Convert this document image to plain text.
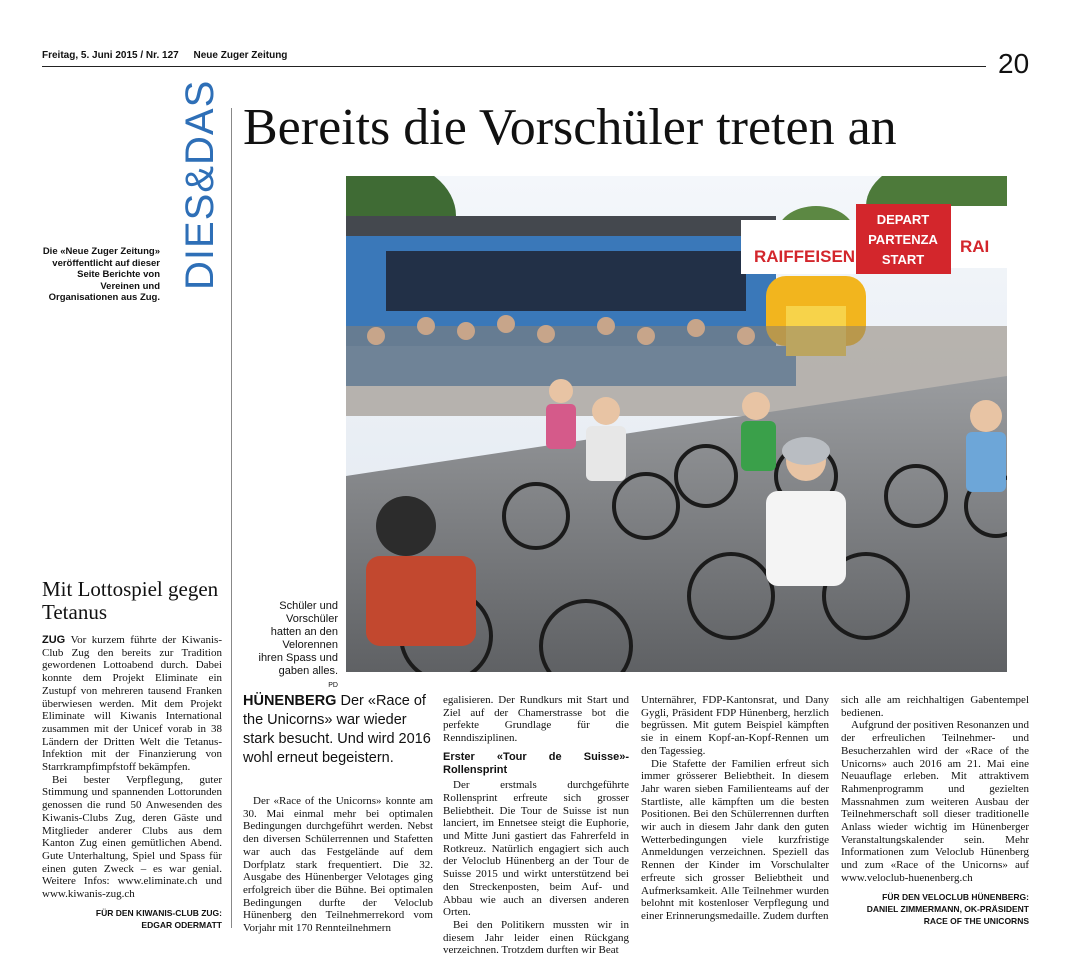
Freitag, 5. Juni 2015 / Nr. 127 Neue Zuger Zeitung	20
DIES&DAS
Die «Neue Zuger Zeitung» veröffentlicht auf dieser Seite Berichte von Vereinen und Organisationen aus Zug.
Bereits die Vorschüler treten an
RAIFFEISEN
DEPART
PARTENZA
START
RAI
Schüler und Vorschüler hatten an den Velorennen ihren Spass und gaben alles.
PD
Mit Lottospiel gegen Tetanus

ZUG Vor kurzem führte der Kiwanis-Club Zug den bereits zur Tradition gewordenen Lottoabend durch. Dabei konnte dem Projekt Eliminate ein Zustupf von mehreren tausend Franken überwiesen werden. Mit dem Projekt Eliminate will Kiwanis International zusammen mit der Unicef vorab in 38 Ländern der Dritten Welt die Tetanus-Infektion mit der Finanzierung von Starrkrampfimpfstoff bekämpfen.

Bei bester Verpflegung, guter Stimmung und spannenden Lottorunden genossen die rund 50 Anwesenden des Kiwanis-Clubs Zug, deren Gäste und Mitglieder anderer Clubs aus dem Kanton Zug einen gemütlichen Abend. Gute Unterhaltung, Spiel und Spass für einen guten Zweck – es war genial. Weitere Infos: www.eliminate.ch und www.kiwanis-zug.ch

FÜR DEN KIWANIS-CLUB ZUG:
EDGAR ODERMATT
HÜNENBERG Der «Race of the Unicorns» war wieder stark besucht. Und wird 2016 wohl erneut begeistern.

Der «Race of the Unicorns» konnte am 30. Mai einmal mehr bei optimalen Bedingungen durchgeführt werden. Nebst den diversen Schülerrennen und Stafetten war auch das Festgelände auf dem Dorfplatz stark frequentiert. Die 32. Ausgabe des Hünenberger Velotages ging erfolgreich über die Bühne. Bei optimalen Bedingungen durfte der Veloclub Hünenberg den Teilnehmerrekord vom Vorjahr mit 170 Rennteilnehmern

egalisieren. Der Rundkurs mit Start und Ziel auf der Chamerstrasse bot die perfekte Grundlage für die Renndisziplinen.

Erster «Tour de Suisse»-Rollensprint

Der erstmals durchgeführte Rollensprint erfreute sich grosser Beliebtheit. Die Tour de Suisse ist nun lanciert, im Ennetsee steigt die Euphorie, und Mitte Juni gastiert das Fahrerfeld in Rotkreuz. Natürlich engagiert sich auch der Veloclub Hünenberg an der Tour de Suisse 2015 und wirkt unterstützend bei den Streckenposten, beim Auf- und Abbau wie auch an diversen anderen Orten.

Bei den Politikern mussten wir in diesem Jahr leider einen Rückgang verzeichnen. Trotzdem durften wir Beat

Unternährer, FDP-Kantonsrat, und Dany Gygli, Präsident FDP Hünenberg, herzlich begrüssen. Mit gutem Beispiel kämpften sie in einem Kopf-an-Kopf-Rennen um den Tagessieg.

Die Stafette der Familien erfreut sich immer grösserer Beliebtheit. In diesem Jahr waren sieben Familienteams auf der Startliste, alle kämpften um die besten Positionen. Bei den Schülerrennen durften wir auch in diesem Jahr dank den guten Wetterbedingungen viele kurzfristige Anmeldungen verzeichnen. Speziell das Rennen der Kinder im Vorschulalter erfreute sich grosser Beliebtheit und Aufmerksamkeit. Alle Teilnehmer wurden belohnt mit kostenloser Verpflegung und einer Erinnerungsmedaille. Zudem durften

sich alle am reichhaltigen Gabentempel bedienen.

Aufgrund der positiven Resonanzen und der erfreulichen Teilnehmer- und Besucherzahlen wird der «Race of the Unicorns» auch 2016 am 21. Mai eine Neuauflage erleben. Mit attraktivem Rahmenprogramm und gezielten Massnahmen zum weiteren Ausbau der Teilnehmerschaft soll dieser traditionelle Anlass wieder wichtig im Hünenberger Veranstaltungskalender sein. Mehr Informationen zum Veloclub Hünenberg und zum «Race of the Unicorns» auf www.veloclub-huenenberg.ch

FÜR DEN VELOCLUB HÜNENBERG:
DANIEL ZIMMERMANN, OK-PRÄSIDENT
RACE OF THE UNICORNS
